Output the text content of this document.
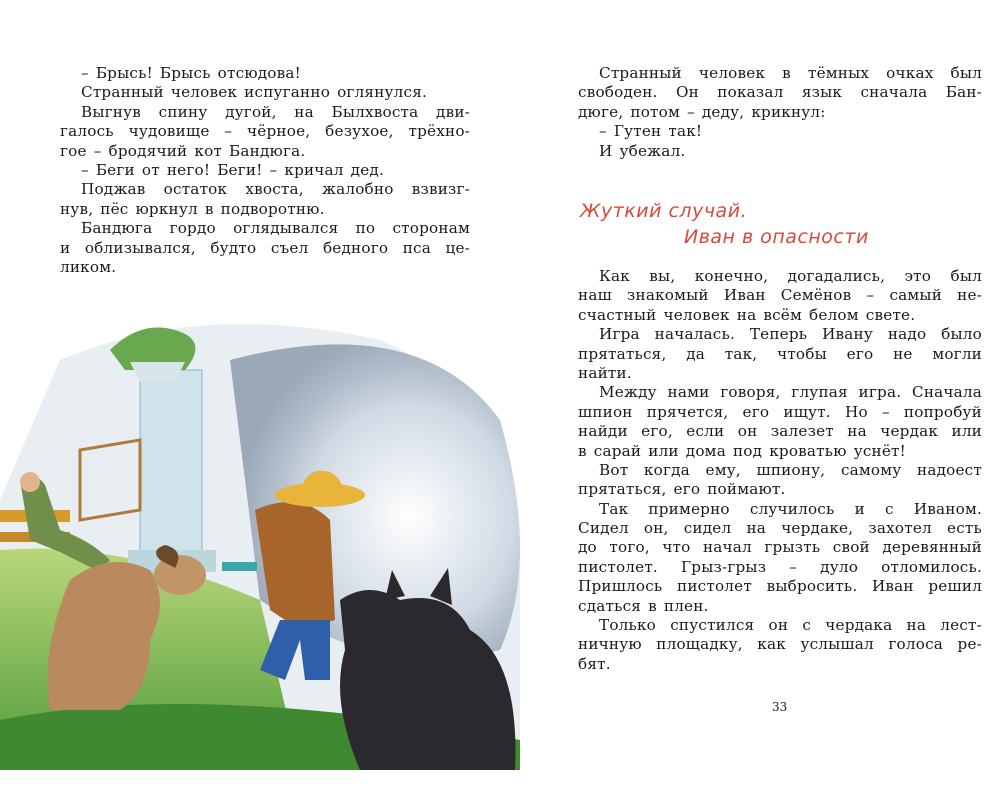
– Брысь! Брысь отсюдова!
Странный человек испуганно оглянулся.
Выгнув спину дугой, на Былхвоста дви-
галось чудовище – чёрное, безухое, трёхно-
гое – бродячий кот Бандюга.
– Беги от него! Беги! – кричал дед.
Поджав остаток хвоста, жалобно взвизг-
нув, пёс юркнул в подворотню.
Бандюга гордо оглядывался по сторонам
и облизывался, будто съел бедного пса це-
ликом.
Странный человек в тёмных очках был
свободен. Он показал язык сначала Бан-
дюге, потом – деду, крикнул:
– Гутен так!
И убежал.
Жуткий случай.
Иван в опасности
Как вы, конечно, догадались, это был
наш знакомый Иван Семёнов – самый не-
счастный человек на всём белом свете.
Игра началась. Теперь Ивану надо было
прятаться, да так, чтобы его не могли
найти.
Между нами говоря, глупая игра. Сначала
шпион прячется, его ищут. Но – попробуй
найди его, если он залезет на чердак или
в сарай или дома под кроватью уснёт!
Вот когда ему, шпиону, самому надоест
прятаться, его поймают.
Так примерно случилось и с Иваном.
Сидел он, сидел на чердаке, захотел есть
до того, что начал грызть свой деревянный
пистолет. Грыз-грыз – дуло отломилось.
Пришлось пистолет выбросить. Иван решил
сдаться в плен.
Только спустился он с чердака на лест-
ничную площадку, как услышал голоса ре-
бят.
33
